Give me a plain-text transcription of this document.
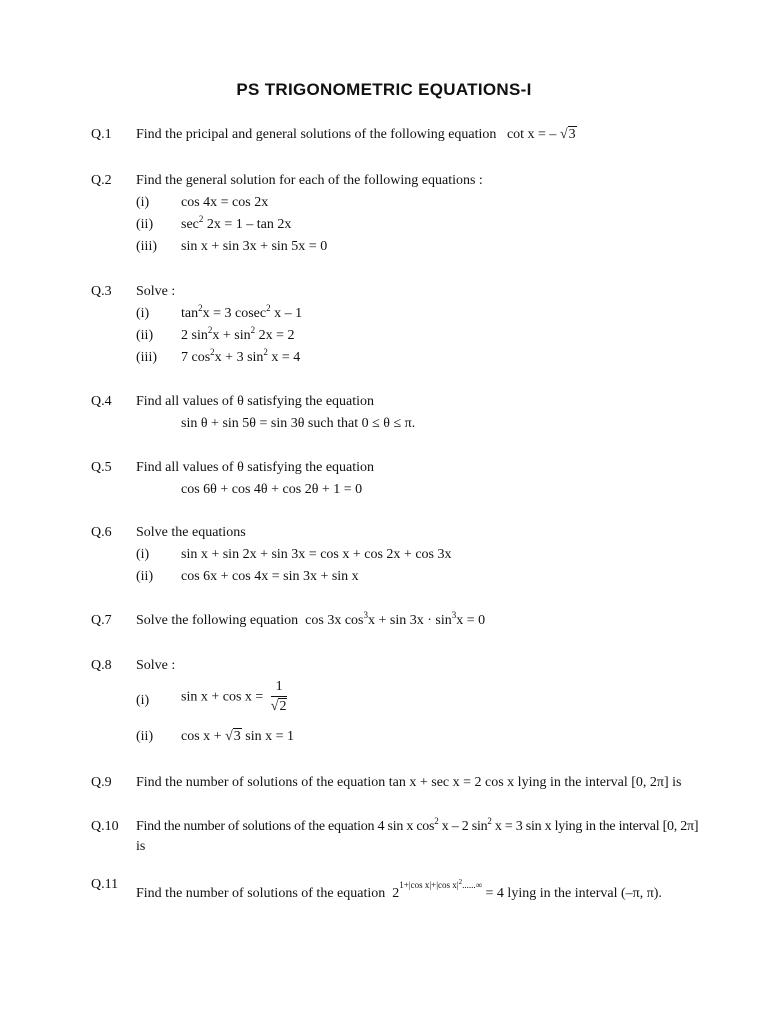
PS TRIGONOMETRIC EQUATIONS-I
Q.1	Find the pricipal and general solutions of the following equation cot x = – √3
Q.2	Find the general solution for each of the following equations :
(i)	cos 4x = cos 2x
(ii)	$\sec^2 2x = 1 - \tan 2x$
(iii)	sin x + sin 3x + sin 5x = 0
Q.3	Solve :
(i)	$\tan^2x = 3$ cosec$^2$ x – 1
(ii)	2 $\sin^2x + \sin^2 2x = 2$
(iii)	7 $\cos^2x + 3$ $\sin^2 x = 4$
Q.4	Find all values of θ satisfying the equation
sin θ + sin 5θ = sin 3θ such that 0 ≤ θ ≤ π.
Q.5	Find all values of θ satisfying the equation
cos 6θ + cos 4θ + cos 2θ + 1 = 0
Q.6	Solve the equations
(i)	sin x + sin 2x + sin 3x = cos x + cos 2x + cos 3x
(ii)	cos 6x + cos 4x = sin 3x + sin x
Q.7	Solve the following equation cos 3x $\cos^3x + \sin 3x \cdot \sin^3x = 0$
Q.8	Solve :
(i)	$\sin x + \cos x = \frac{1}{√2}$
(ii)	cos x + √3 sin x = 1
Q.9	Find the number of solutions of the equation tan x + sec x = 2 cos x lying in the interval [0, 2π] is
Q.10	Find the number of solutions of the equation 4 sin x $\cos^2 x - 2$ $\sin^2 x = 3$ sin x lying in the interval [0, 2π]
is
Q.11
Find the number of solutions of the equation $2^{1+|cos x|+|cos x|^2......\infty} = 4$ lying in the interval (–π, π).
